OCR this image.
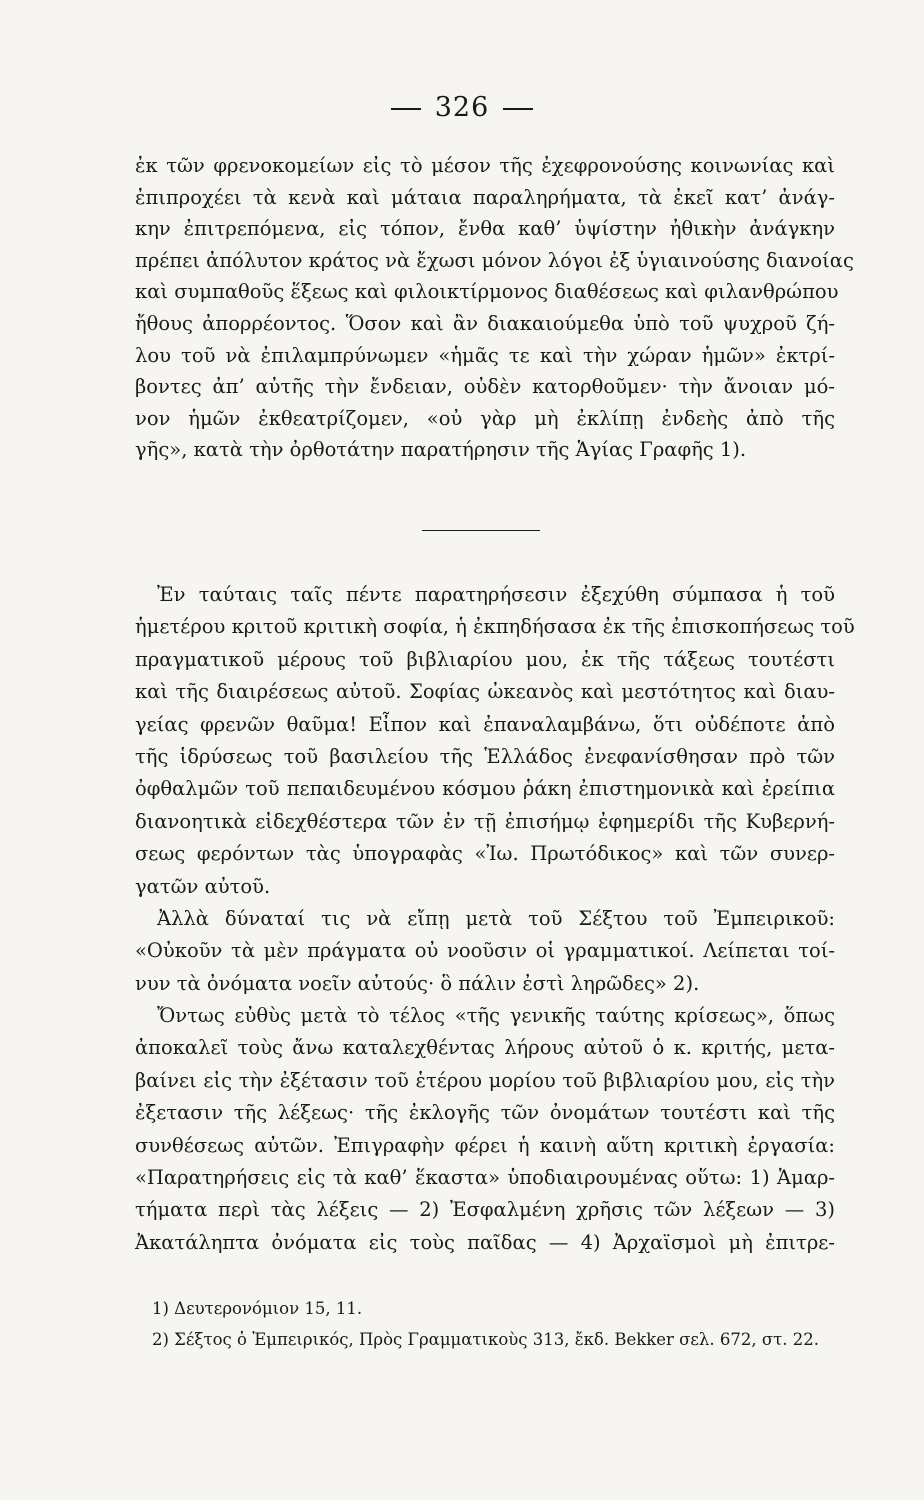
326
ἐκ τῶν φρενοκομείων εἰς τὸ μέσον τῆς ἐχεφρονούσης κοινωνίας καὶ
ἐπιπροχέει τὰ κενὰ καὶ μάταια παραληρήματα, τὰ ἐκεῖ κατ’ ἀνάγ-
κην ἐπιτρεπόμενα, εἰς τόπον, ἔνθα καθ’ ὑψίστην ἠθικὴν ἀνάγκην
πρέπει ἀπόλυτον κράτος νὰ ἔχωσι μόνον λόγοι ἐξ ὑγιαινούσης διανοίας
καὶ συμπαθοῦς ἕξεως καὶ φιλοικτίρμονος διαθέσεως καὶ φιλανθρώπου
ἤθους ἀπορρέοντος. Ὅσον καὶ ἂν διακαιούμεθα ὑπὸ τοῦ ψυχροῦ ζή-
λου τοῦ νὰ ἐπιλαμπρύνωμεν «ἡμᾶς τε καὶ τὴν χώραν ἡμῶν» ἐκτρί-
βοντες ἀπ’ αὐτῆς τὴν ἔνδειαν, οὐδὲν κατορθοῦμεν· τὴν ἄνοιαν μό-
νον ἡμῶν ἐκθεατρίζομεν, «οὐ γὰρ μὴ ἐκλίπῃ ἐνδεὴς ἀπὸ τῆς
γῆς», κατὰ τὴν ὀρθοτάτην παρατήρησιν τῆς Ἁγίας Γραφῆς 1).
Ἐν ταύταις ταῖς πέντε παρατηρήσεσιν ἐξεχύθη σύμπασα ἡ τοῦ
ἡμετέρου κριτοῦ κριτικὴ σοφία, ἡ ἐκπηδήσασα ἐκ τῆς ἐπισκοπήσεως τοῦ
πραγματικοῦ μέρους τοῦ βιβλιαρίου μου, ἐκ τῆς τάξεως τουτέστι
καὶ τῆς διαιρέσεως αὐτοῦ. Σοφίας ὠκεανὸς καὶ μεστότητος καὶ διαυ-
γείας φρενῶν θαῦμα! Εἶπον καὶ ἐπαναλαμβάνω, ὅτι οὐδέποτε ἀπὸ
τῆς ἱδρύσεως τοῦ βασιλείου τῆς Ἑλλάδος ἐνεφανίσθησαν πρὸ τῶν
ὀφθαλμῶν τοῦ πεπαιδευμένου κόσμου ῥάκη ἐπιστημονικὰ καὶ ἐρείπια
διανοητικὰ εἰδεχθέστερα τῶν ἐν τῇ ἐπισήμῳ ἐφημερίδι τῆς Κυβερνή-
σεως φερόντων τὰς ὑπογραφὰς «Ἰω. Πρωτόδικος» καὶ τῶν συνερ-
γατῶν αὐτοῦ.
Ἀλλὰ δύναταί τις νὰ εἴπῃ μετὰ τοῦ Σέξτου τοῦ Ἐμπειρικοῦ:
«Οὐκοῦν τὰ μὲν πράγματα οὐ νοοῦσιν οἱ γραμματικοί. Λείπεται τοί-
νυν τὰ ὀνόματα νοεῖν αὐτούς· ὃ πάλιν ἐστὶ ληρῶδες» 2).
Ὄντως εὐθὺς μετὰ τὸ τέλος «τῆς γενικῆς ταύτης κρίσεως», ὅπως
ἀποκαλεῖ τοὺς ἄνω καταλεχθέντας λήρους αὐτοῦ ὁ κ. κριτής, μετα-
βαίνει εἰς τὴν ἐξέτασιν τοῦ ἑτέρου μορίου τοῦ βιβλιαρίου μου, εἰς τὴν
ἐξετασιν τῆς λέξεως· τῆς ἐκλογῆς τῶν ὀνομάτων τουτέστι καὶ τῆς
συνθέσεως αὐτῶν. Ἐπιγραφὴν φέρει ἡ καινὴ αὕτη κριτικὴ ἐργασία:
«Παρατηρήσεις εἰς τὰ καθ’ ἕκαστα» ὑποδιαιρουμένας οὕτω: 1) Ἁμαρ-
τήματα περὶ τὰς λέξεις — 2) Ἐσφαλμένη χρῆσις τῶν λέξεων — 3)
Ἀκατάληπτα ὀνόματα εἰς τοὺς παῖδας — 4) Ἀρχαϊσμοὶ μὴ ἐπιτρε-
1) Δευτερονόμιον 15, 11.
2) Σέξτος ὁ Ἐμπειρικός, Πρὸς Γραμματικοὺς 313, ἔκδ. Bekker σελ. 672, στ. 22.
